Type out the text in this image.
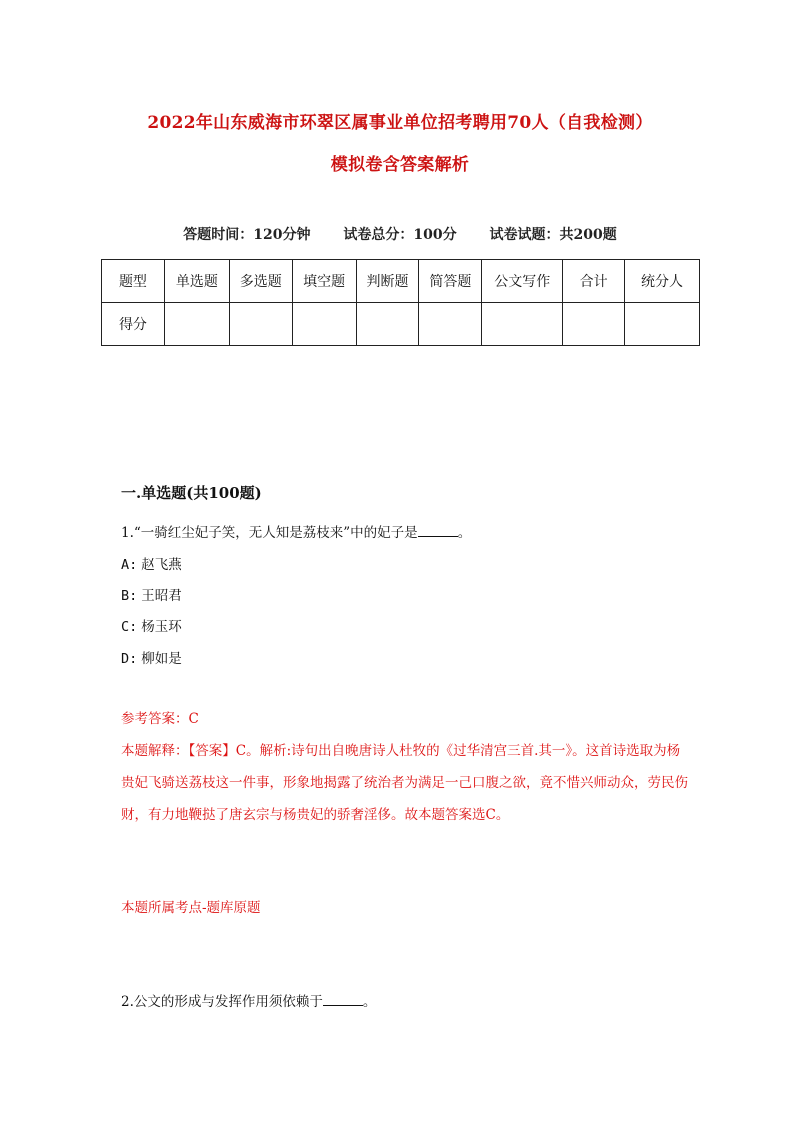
2022年山东威海市环翠区属事业单位招考聘用70人（自我检测）
模拟卷含答案解析
答题时间：120分钟 试卷总分：100分 试卷试题：共200题
题型	单选题	多选题	填空题	判断题	简答题	公文写作	合计	统分人
得分								
一.单选题(共100题)
1.“一骑红尘妃子笑，无人知是荔枝来”中的妃子是	。
A: 赵飞燕
B: 王昭君
C: 杨玉环
D: 柳如是
参考答案：C
本题解释：【答案】C。解析:诗句出自晚唐诗人杜牧的《过华清宫三首.其一》。这首诗选取为杨贵妃飞骑送荔枝这一件事，形象地揭露了统治者为满足一己口腹之欲，竟不惜兴师动众，劳民伤财，有力地鞭挞了唐玄宗与杨贵妃的骄奢淫侈。故本题答案选C。
本题所属考点-题库原题
2.公文的形成与发挥作用须依赖于	。
